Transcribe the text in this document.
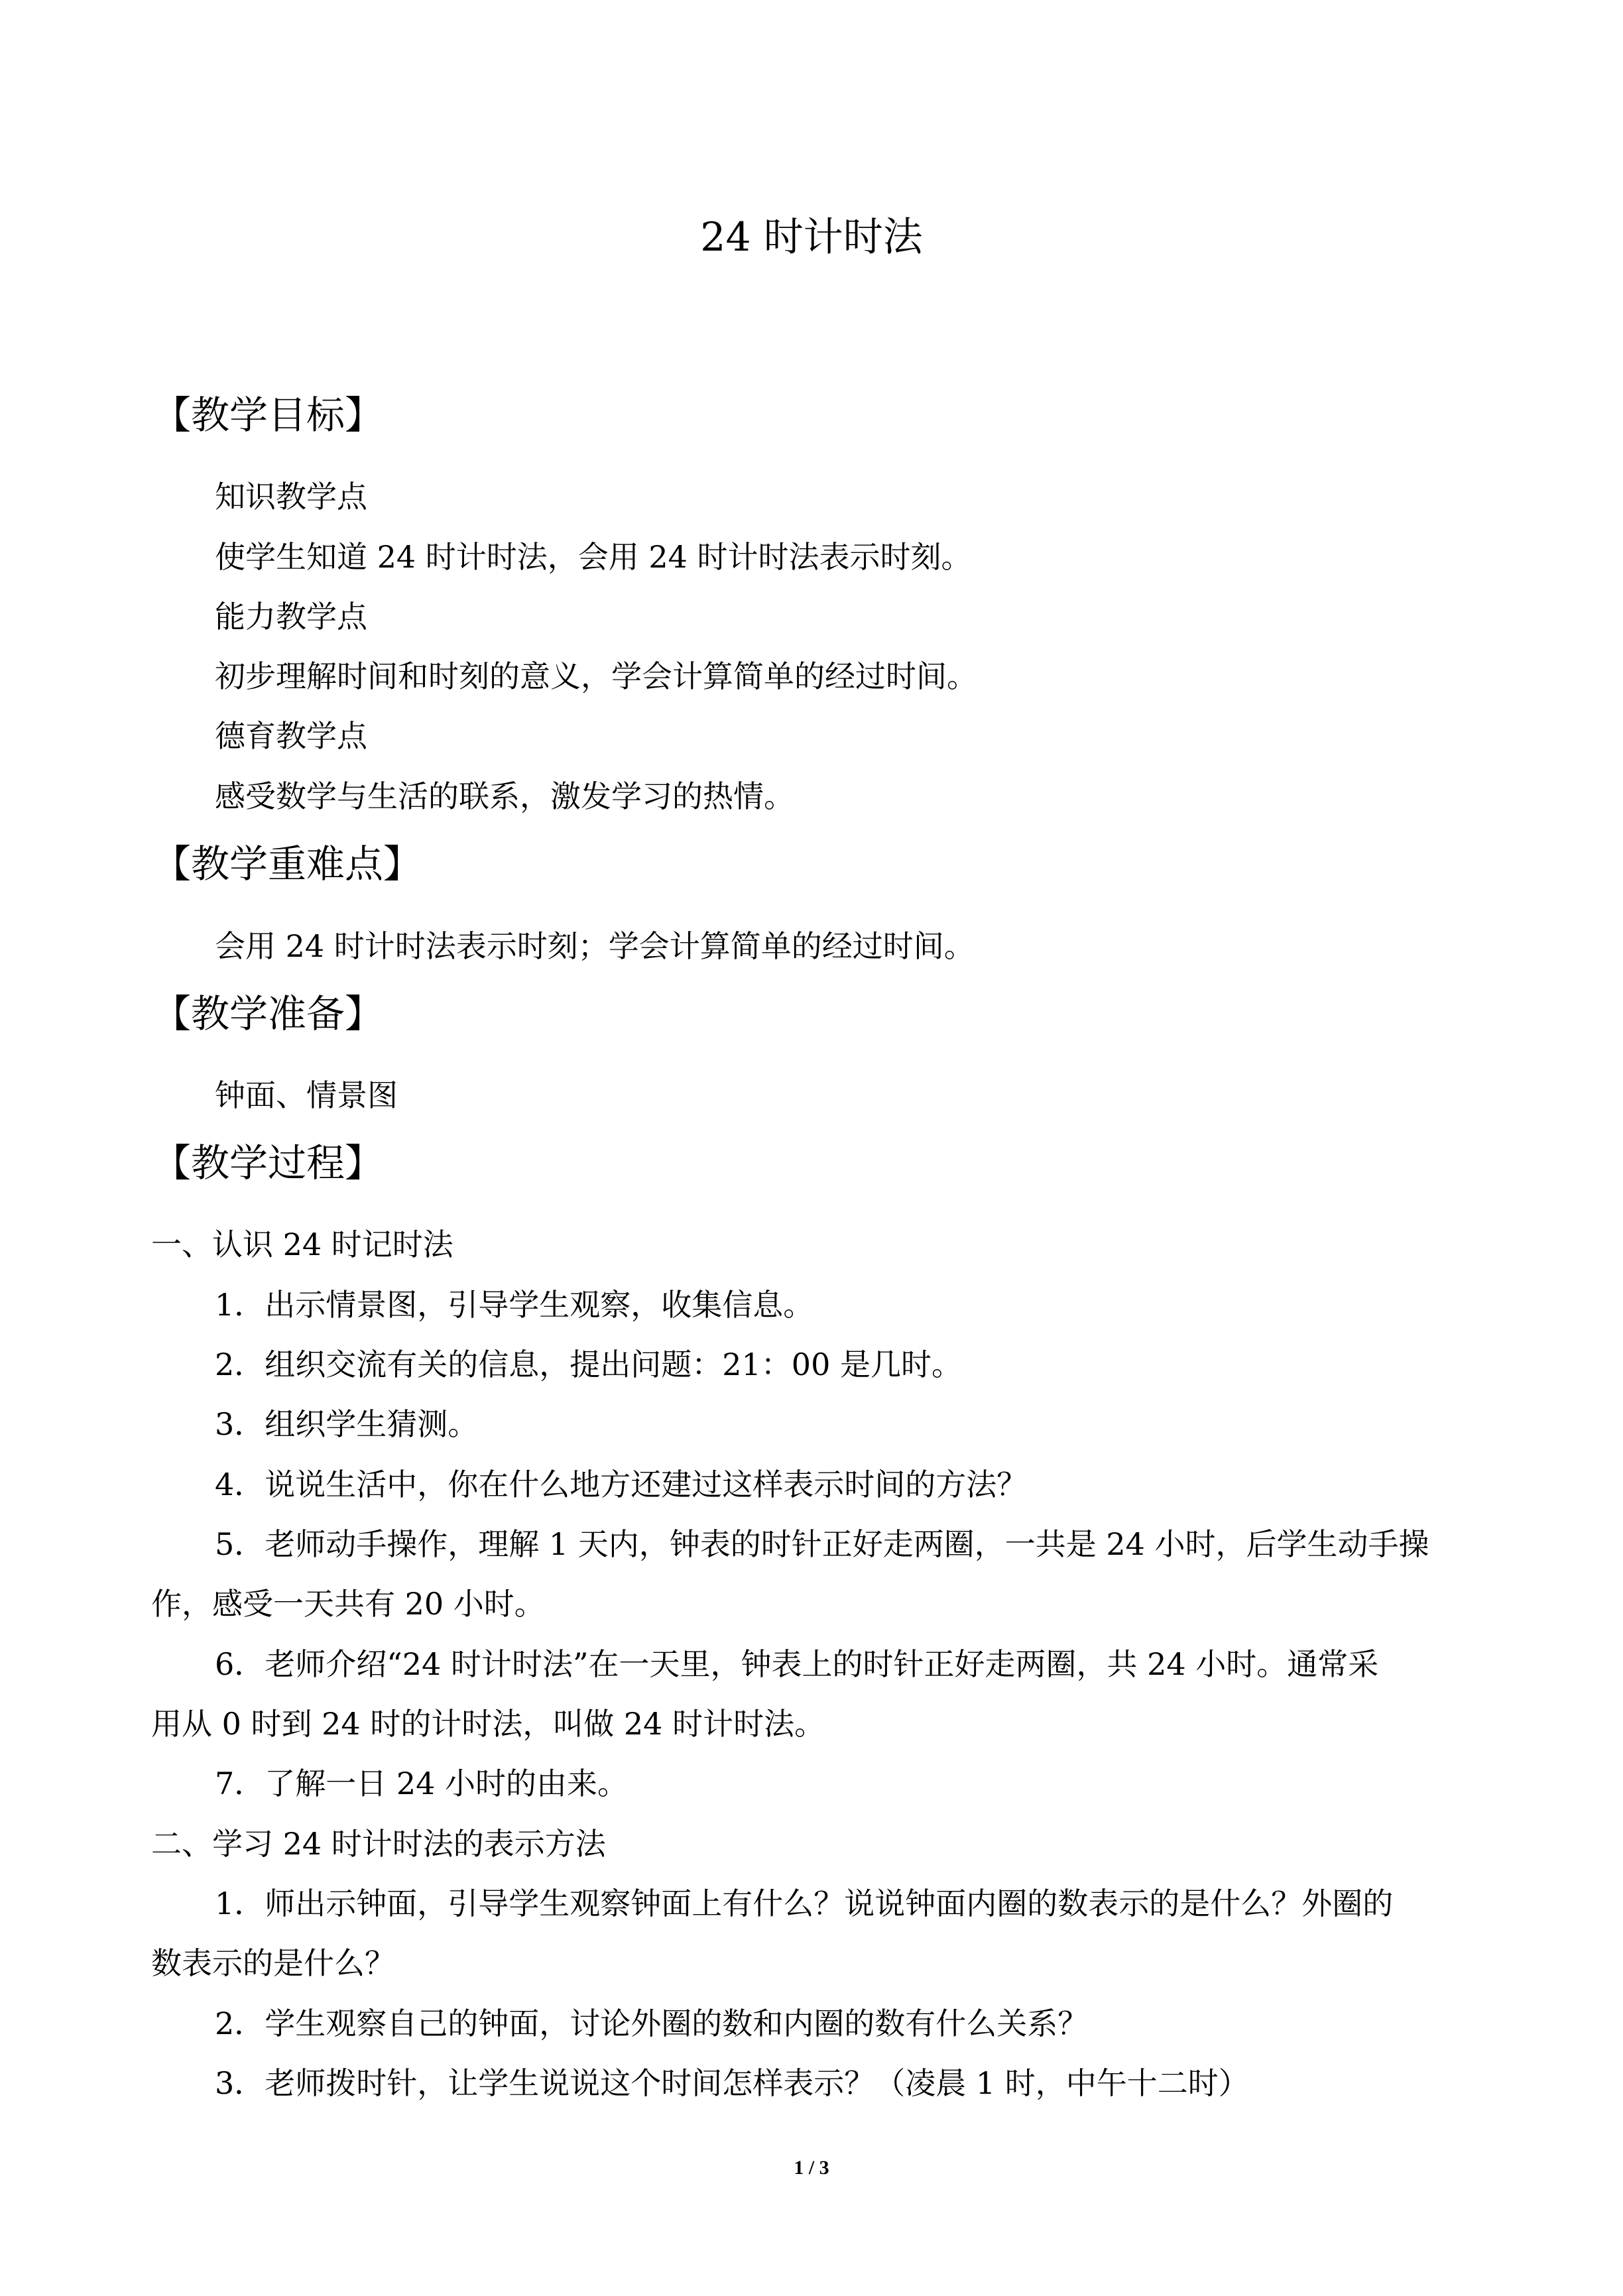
24 时计时法
【教学目标】
知识教学点
使学生知道 24 时计时法，会用 24 时计时法表示时刻。
能力教学点
初步理解时间和时刻的意义，学会计算简单的经过时间。
德育教学点
感受数学与生活的联系，激发学习的热情。
【教学重难点】
会用 24 时计时法表示时刻；学会计算简单的经过时间。
【教学准备】
钟面、情景图
【教学过程】
一、认识 24 时记时法
1．出示情景图，引导学生观察，收集信息。
2．组织交流有关的信息，提出问题：21：00 是几时。
3．组织学生猜测。
4．说说生活中，你在什么地方还建过这样表示时间的方法？
5．老师动手操作，理解 1 天内，钟表的时针正好走两圈，一共是 24 小时，后学生动手操
作，感受一天共有 20 小时。
6．老师介绍“24 时计时法”在一天里，钟表上的时针正好走两圈，共 24 小时。通常采
用从 0 时到 24 时的计时法，叫做 24 时计时法。
7．了解一日 24 小时的由来。
二、学习 24 时计时法的表示方法
1．师出示钟面，引导学生观察钟面上有什么？说说钟面内圈的数表示的是什么？外圈的
数表示的是什么？
2．学生观察自己的钟面，讨论外圈的数和内圈的数有什么关系？
3．老师拨时针，让学生说说这个时间怎样表示？（凌晨 1 时，中午十二时）
1 / 3
